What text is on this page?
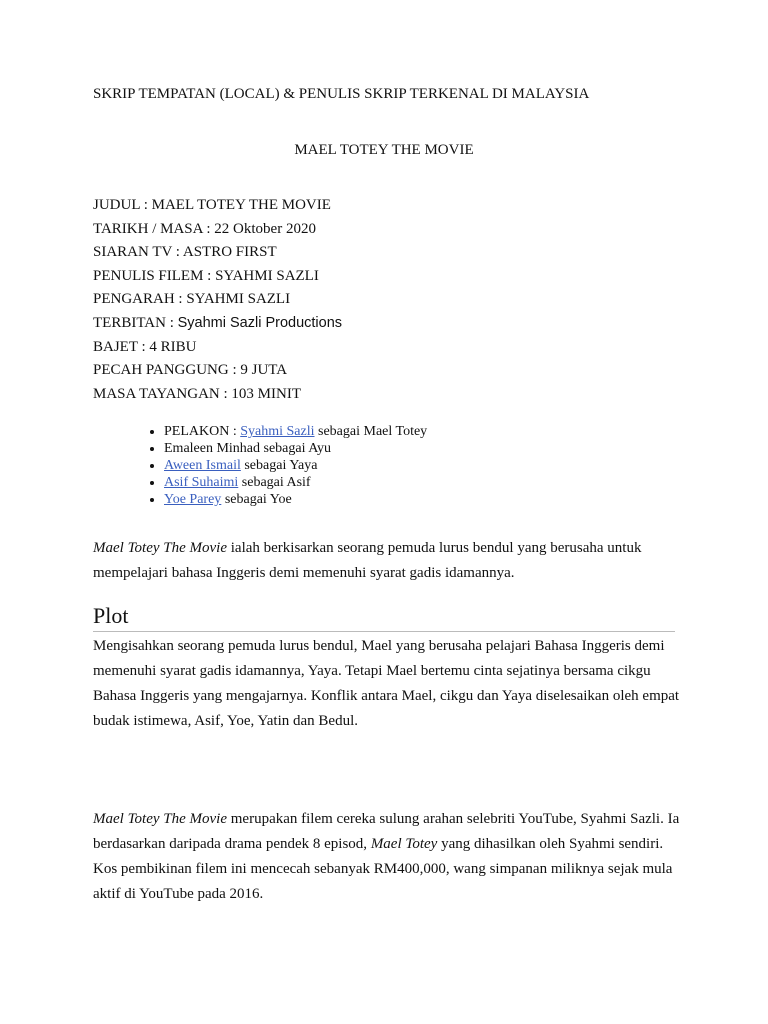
SKRIP TEMPATAN (LOCAL) & PENULIS SKRIP TERKENAL DI MALAYSIA
MAEL TOTEY THE MOVIE
JUDUL : MAEL TOTEY THE MOVIE
TARIKH / MASA : 22 Oktober 2020
SIARAN TV : ASTRO FIRST
PENULIS FILEM : SYAHMI SAZLI
PENGARAH : SYAHMI SAZLI
TERBITAN : Syahmi Sazli Productions
BAJET : 4 RIBU
PECAH PANGGUNG : 9 JUTA
MASA TAYANGAN : 103 MINIT
• PELAKON : Syahmi Sazli sebagai Mael Totey
• Emaleen Minhad sebagai Ayu
• Aween Ismail sebagai Yaya
• Asif Suhaimi sebagai Asif
• Yoe Parey sebagai Yoe
Mael Totey The Movie ialah berkisarkan seorang pemuda lurus bendul yang berusaha untuk mempelajari bahasa Inggeris demi memenuhi syarat gadis idamannya.
Plot
Mengisahkan seorang pemuda lurus bendul, Mael yang berusaha pelajari Bahasa Inggeris demi memenuhi syarat gadis idamannya, Yaya. Tetapi Mael bertemu cinta sejatinya bersama cikgu Bahasa Inggeris yang mengajarnya. Konflik antara Mael, cikgu dan Yaya diselesaikan oleh empat budak istimewa, Asif, Yoe, Yatin dan Bedul.
Mael Totey The Movie merupakan filem cereka sulung arahan selebriti YouTube, Syahmi Sazli. Ia berdasarkan daripada drama pendek 8 episod, Mael Totey yang dihasilkan oleh Syahmi sendiri. Kos pembikinan filem ini mencecah sebanyak RM400,000, wang simpanan miliknya sejak mula aktif di YouTube pada 2016.
